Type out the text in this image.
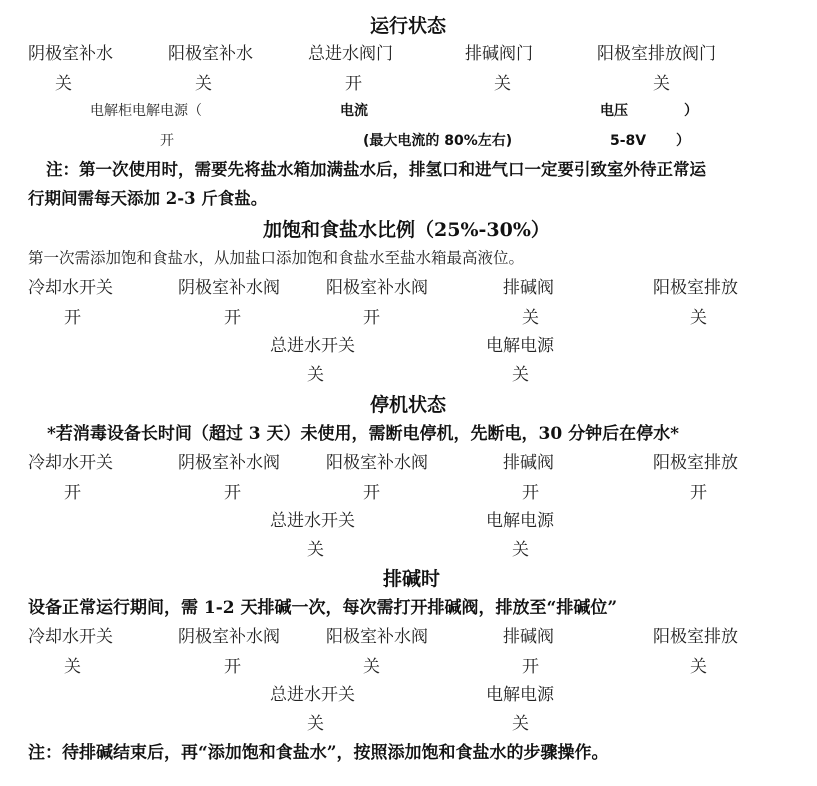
运行状态
阴极室补水	阳极室补水	总进水阀门	排碱阀门	阳极室排放阀门
关	关	开	关	关
电解柜电解电源（	电流	电压	）
开	(最大电流的 80%左右)	5-8V ）
注：第一次使用时，需要先将盐水箱加满盐水后，排氢口和进气口一定要引致室外待正常运
行期间需每天添加 2-3 斤食盐。
加饱和食盐水比例（25%-30%）
第一次需添加饱和食盐水，从加盐口添加饱和食盐水至盐水箱最高液位。
冷却水开关	阴极室补水阀	阳极室补水阀	排碱阀	阳极室排放
开	开	开	关	关
总进水开关	电解电源
关	关
停机状态
*若消毒设备长时间（超过 3 天）未使用，需断电停机，先断电，30 分钟后在停水*
冷却水开关	阴极室补水阀	阳极室补水阀	排碱阀	阳极室排放
开	开	开	开	开
总进水开关	电解电源
关	关
排碱时
设备正常运行期间，需 1-2 天排碱一次，每次需打开排碱阀，排放至“排碱位”
冷却水开关	阴极室补水阀	阳极室补水阀	排碱阀	阳极室排放
关	开	关	开	关
总进水开关	电解电源
关	关
注：待排碱结束后，再“添加饱和食盐水”，按照添加饱和食盐水的步骤操作。
